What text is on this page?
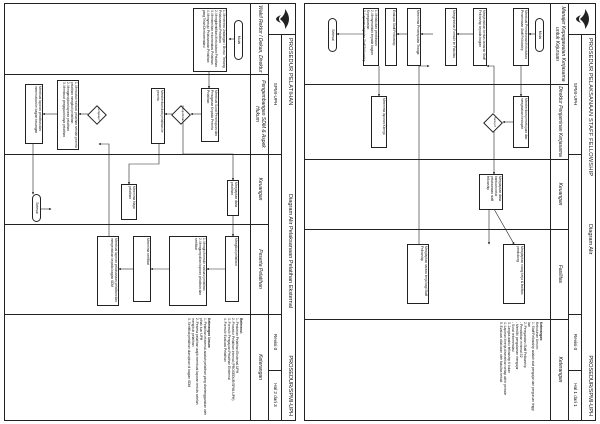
PROSEDUR PELATIHAN
Diagram Alir Pelaksanaan Pelatihan Eksternal
PROSEDUR/SPMI-UPH
SPMI-UPH
Revisi 0
Hal 2 dari 3
Wakil Rektor / Dekan, Direktur
Pengembangan SDM & Aspek Hukum
Keuangan
Peserta Pelatihan
Keterangan
Mulai
1. Menerima Undangan / Brosur Tentang Pelaksanaan Pelatihan
2. Mengidentifikasi Kebutuhan Pelatihan
3. Memberikan rekomendasi Pelatihan
4. Menyetujui Pelaksanaan Pelatihan yang Telah Direkomendasi
Membuat Surat Persetujuan dan Penugasan Kepada Peserta Pelatihan
Setuju/tidak?
Memberikan data pelatihan ke peserta
Lengkap?
1. Mencatat realisasi pelatihan setelah peserta pelatihan mengikuti pelatihan
2. Mengarsipkan laporan pelatihan
3. Membuat pengajuan biaya pelatihan
Membuat laporan pelatihan dan meneruskan ke bagian keuangan
Menyiapkan dana pelatihan
Menerima biaya pelatihan
Selesai
Mengikuti pelatihan
1. Mengisi formulir evaluasi pelatihan
2. Mengumpulkan laporan pelatihan dan sertifikat
Menerima sertifikat
Membuat laporan pelaksanaan pelatihan dan menyerahkan kepada bagian SDM

Referensi:

1. Pedoman Pelatihan Eksternal UPH
2. Prosedur Pelatihan Internal (PROSEDUR/SPMI-UPH)
3. Formulir Pengajuan Pelatihan Eksternal
4. Formulir Evaluasi Pelatihan

Keterangan Umum:

1. Pelatihan eksternal adalah pelatihan yang diselenggarakan oleh pihak luar UPH
2. Peserta pelatihan wajib membuat laporan tertulis setelah mengikuti pelatihan
3. Sertifikat pelatihan diarsipkan di bagian SDM

PROSEDUR PELAKSANAAN STAFF FELLOWSHIP
Diagram Alir
PROSEDUR/SPMI-UPH
SPMI-UPH
Revisi 0
Hal 1 dari 1
Manajer Kepegawaian Kerjasama untuk Kejuruan
Direktur Penjaminan Kerjasama
Keuangan
Fasilitas
Keterangan
Mulai
Membuat Permohonan Kebutuhan Penerimaan Staff Fellowship
Menyerahkan berkas lamaran Staff Fellowship kepada bagian
Mengirimkan Formulir ke Fakultas
Menerima Penempatan Tenaga
Evaluasi Staff Fellowship
1. Melakukan pembinaan
2. Menyerahkan kepada bagian Kepegawaian
3. Laporan kegiatan Staff Fellowship
Selesai
Memberikan persetujuan dan menyatakan kesiapan
Setuju?
Menerima laporan Kinerja
Menyiapkan dana bantuan untuk pelaksanaan staff fellowship
Menyiapkan ruang kerja & fasilitas pendukung
Menyiapkan sarana kerja bagi Staff Fellowship

Keterangan:

Kebutuhan Umum:
1. Staff Fellowship adalah staf pengajar dari perguruan tinggi lain
2. Persyaratan Staff Fellowship
- Pendidikan minimal S2
- Memiliki pengalaman mengajar
- Surat rekomendasi
3. Jangka waktu fellowship 6 bulan
4. Laporan kinerja diserahkan setiap akhir periode
5. Evaluasi dilakukan oleh fakultas terkait
